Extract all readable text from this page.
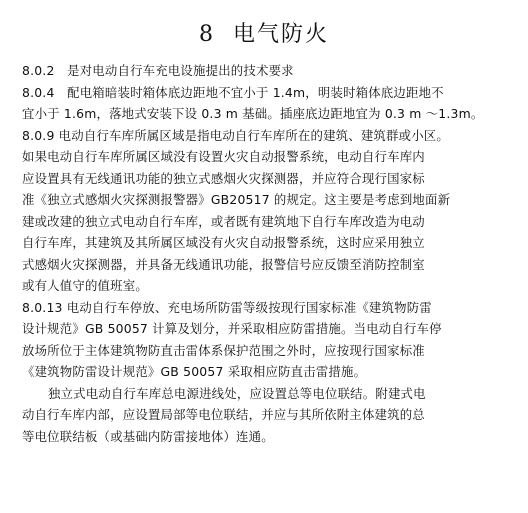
8 电气防火
8.0.2　是对电动自行车充电设施提出的技术要求
8.0.4　配电箱暗装时箱体底边距地不宜小于 1.4m，明装时箱体底边距地不
宜小于 1.6m，落地式安装下设 0.3 m 基础。插座底边距地宜为 0.3 m ～1.3m。
8.0.9 电动自行车库所属区域是指电动自行车库所在的建筑、建筑群或小区。
如果电动自行车库所属区域没有设置火灾自动报警系统，电动自行车库内
应设置具有无线通讯功能的独立式感烟火灾探测器，并应符合现行国家标
准《独立式感烟火灾探测报警器》GB20517 的规定。这主要是考虑到地面新
建或改建的独立式电动自行车库，或者既有建筑地下自行车库改造为电动
自行车库，其建筑及其所属区域没有火灾自动报警系统，这时应采用独立
式感烟火灾探测器，并具备无线通讯功能，报警信号应反馈至消防控制室
或有人值守的值班室。
8.0.13 电动自行车停放、充电场所防雷等级按现行国家标准《建筑物防雷
设计规范》GB 50057 计算及划分，并采取相应防雷措施。当电动自行车停
放场所位于主体建筑物防直击雷体系保护范围之外时，应按现行国家标准
《建筑物防雷设计规范》GB 50057 采取相应防直击雷措施。
独立式电动自行车库总电源进线处，应设置总等电位联结。附建式电
动自行车库内部，应设置局部等电位联结，并应与其所依附主体建筑的总
等电位联结板（或基础内防雷接地体）连通。
